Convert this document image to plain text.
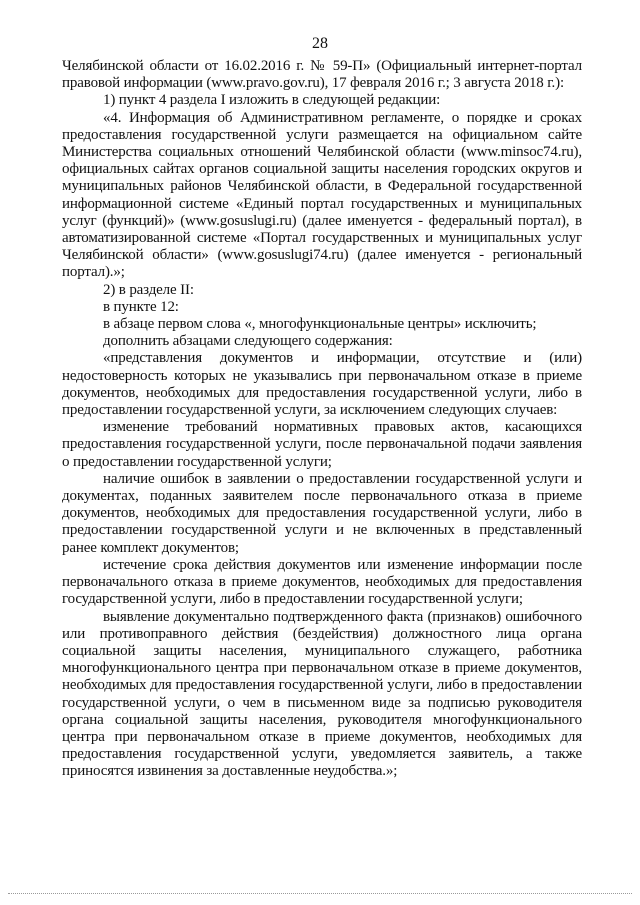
28

Челябинской области от 16.02.2016 г. № 59-П» (Официальный интернет-портал правовой информации (www.pravo.gov.ru), 17 февраля 2016 г.; 3 августа 2018 г.):

1) пункт 4 раздела I изложить в следующей редакции:

«4. Информация об Административном регламенте, о порядке и сроках предоставления государственной услуги размещается на официальном сайте Министерства социальных отношений Челябинской области (www.minsoc74.ru), официальных сайтах органов социальной защиты населения городских округов и муниципальных районов Челябинской области, в Федеральной государственной информационной системе «Единый портал государственных и муниципальных услуг (функций)» (www.gosuslugi.ru) (далее именуется - федеральный портал), в автоматизированной системе «Портал государственных и муниципальных услуг Челябинской области» (www.gosuslugi74.ru) (далее именуется - региональный портал).»;

2) в разделе II:

в пункте 12:

в абзаце первом слова «, многофункциональные центры» исключить;

дополнить абзацами следующего содержания:

«представления документов и информации, отсутствие и (или) недостоверность которых не указывались при первоначальном отказе в приеме документов, необходимых для предоставления государственной услуги, либо в предоставлении государственной услуги, за исключением следующих случаев:

изменение требований нормативных правовых актов, касающихся предоставления государственной услуги, после первоначальной подачи заявления о предоставлении государственной услуги;

наличие ошибок в заявлении о предоставлении государственной услуги и документах, поданных заявителем после первоначального отказа в приеме документов, необходимых для предоставления государственной услуги, либо в предоставлении государственной услуги и не включенных в представленный ранее комплект документов;

истечение срока действия документов или изменение информации после первоначального отказа в приеме документов, необходимых для предоставления государственной услуги, либо в предоставлении государственной услуги;

выявление документально подтвержденного факта (признаков) ошибочного или противоправного действия (бездействия) должностного лица органа социальной защиты населения, муниципального служащего, работника многофункционального центра при первоначальном отказе в приеме документов, необходимых для предоставления государственной услуги, либо в предоставлении государственной услуги, о чем в письменном виде за подписью руководителя органа социальной защиты населения, руководителя многофункционального центра при первоначальном отказе в приеме документов, необходимых для предоставления государственной услуги, уведомляется заявитель, а также приносятся извинения за доставленные неудобства.»;
